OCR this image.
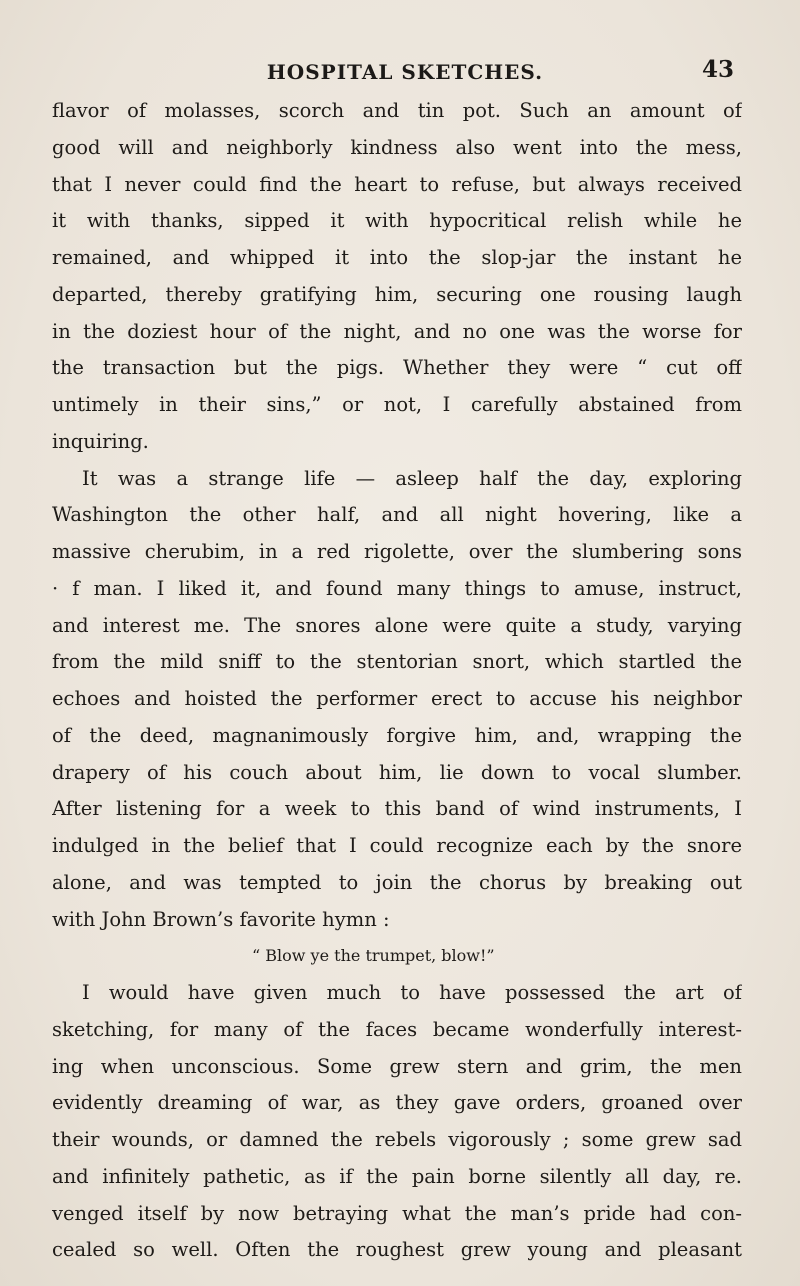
HOSPITAL SKETCHES.	43
flavor of molasses, scorch and tin pot. Such an amount of
good will and neighborly kindness also went into the mess,
that I never could find the heart to refuse, but always received
it with thanks, sipped it with hypocritical relish while he
remained, and whipped it into the slop-jar the instant he
departed, thereby gratifying him, securing one rousing laugh
in the doziest hour of the night, and no one was the worse for
the transaction but the pigs. Whether they were “ cut off
untimely in their sins,” or not, I carefully abstained from
inquiring.
It was a strange life — asleep half the day, exploring
Washington the other half, and all night hovering, like a
massive cherubim, in a red rigolette, over the slumbering sons
· f man. I liked it, and found many things to amuse, instruct,
and interest me. The snores alone were quite a study, varying
from the mild sniff to the stentorian snort, which startled the
echoes and hoisted the performer erect to accuse his neighbor
of the deed, magnanimously forgive him, and, wrapping the
drapery of his couch about him, lie down to vocal slumber.
After listening for a week to this band of wind instruments, I
indulged in the belief that I could recognize each by the snore
alone, and was tempted to join the chorus by breaking out
with John Brown’s favorite hymn :
“ Blow ye the trumpet, blow!”
I would have given much to have possessed the art of
sketching, for many of the faces became wonderfully interest-
ing when unconscious. Some grew stern and grim, the men
evidently dreaming of war, as they gave orders, groaned over
their wounds, or damned the rebels vigorously ; some grew sad
and infinitely pathetic, as if the pain borne silently all day, re.
venged itself by now betraying what the man’s pride had con-
cealed so well. Often the roughest grew young and pleasant
